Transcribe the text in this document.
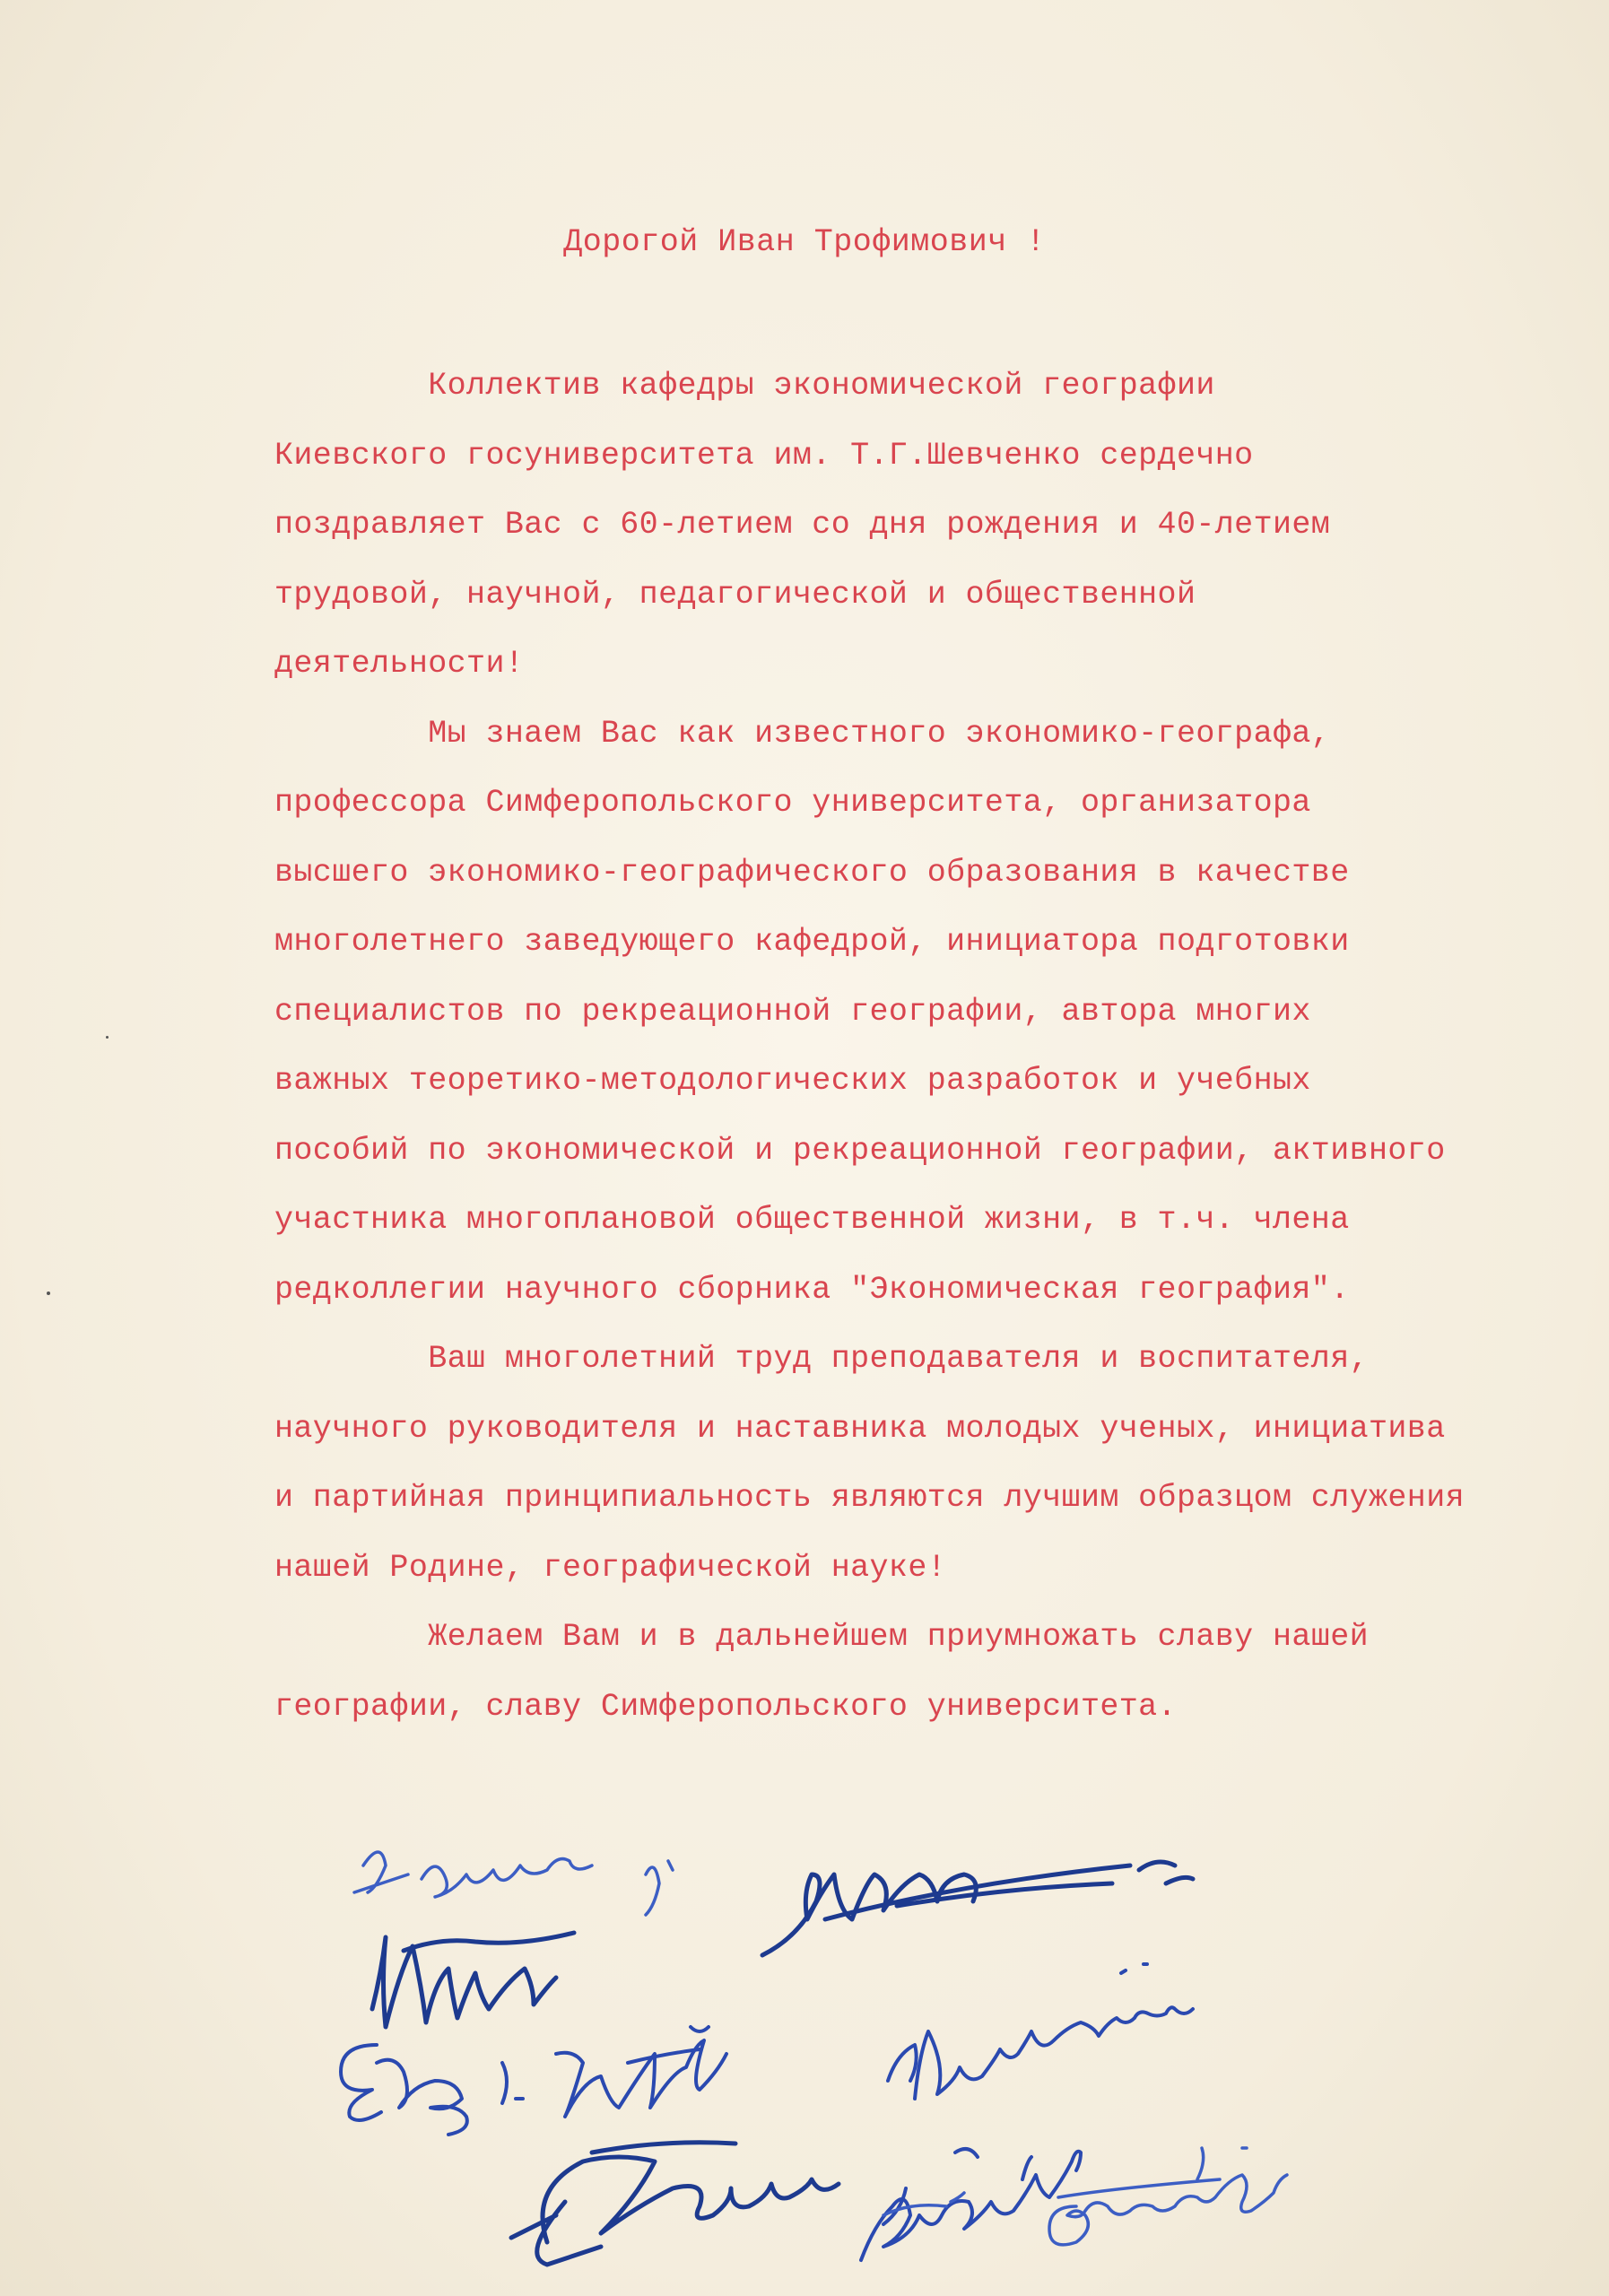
Дорогой Иван Трофимович !

Коллектив кафедры экономической географии
Киевского госуниверситета им. Т.Г.Шевченко сердечно
поздравляет Вас с 60-летием со дня рождения и 40-летием
трудовой, научной, педагогической и общественной
деятельности!

Мы знаем Вас как известного экономико-географа,
профессора Симферопольского университета, организатора
высшего экономико-географического образования в качестве
многолетнего заведующего кафедрой, инициатора подготовки
специалистов по рекреационной географии, автора многих
важных теоретико-методологических разработок и учебных
пособий по экономической и рекреационной географии, активного
участника многоплановой общественной жизни, в т.ч. члена
редколлегии научного сборника "Экономическая география".

Ваш многолетний труд преподавателя и воспитателя,
научного руководителя и наставника молодых ученых, инициатива
и партийная принципиальность являются лучшим образцом служения
нашей Родине, географической науке!

Желаем Вам и в дальнейшем приумножать славу нашей
географии, славу Симферопольского университета.
